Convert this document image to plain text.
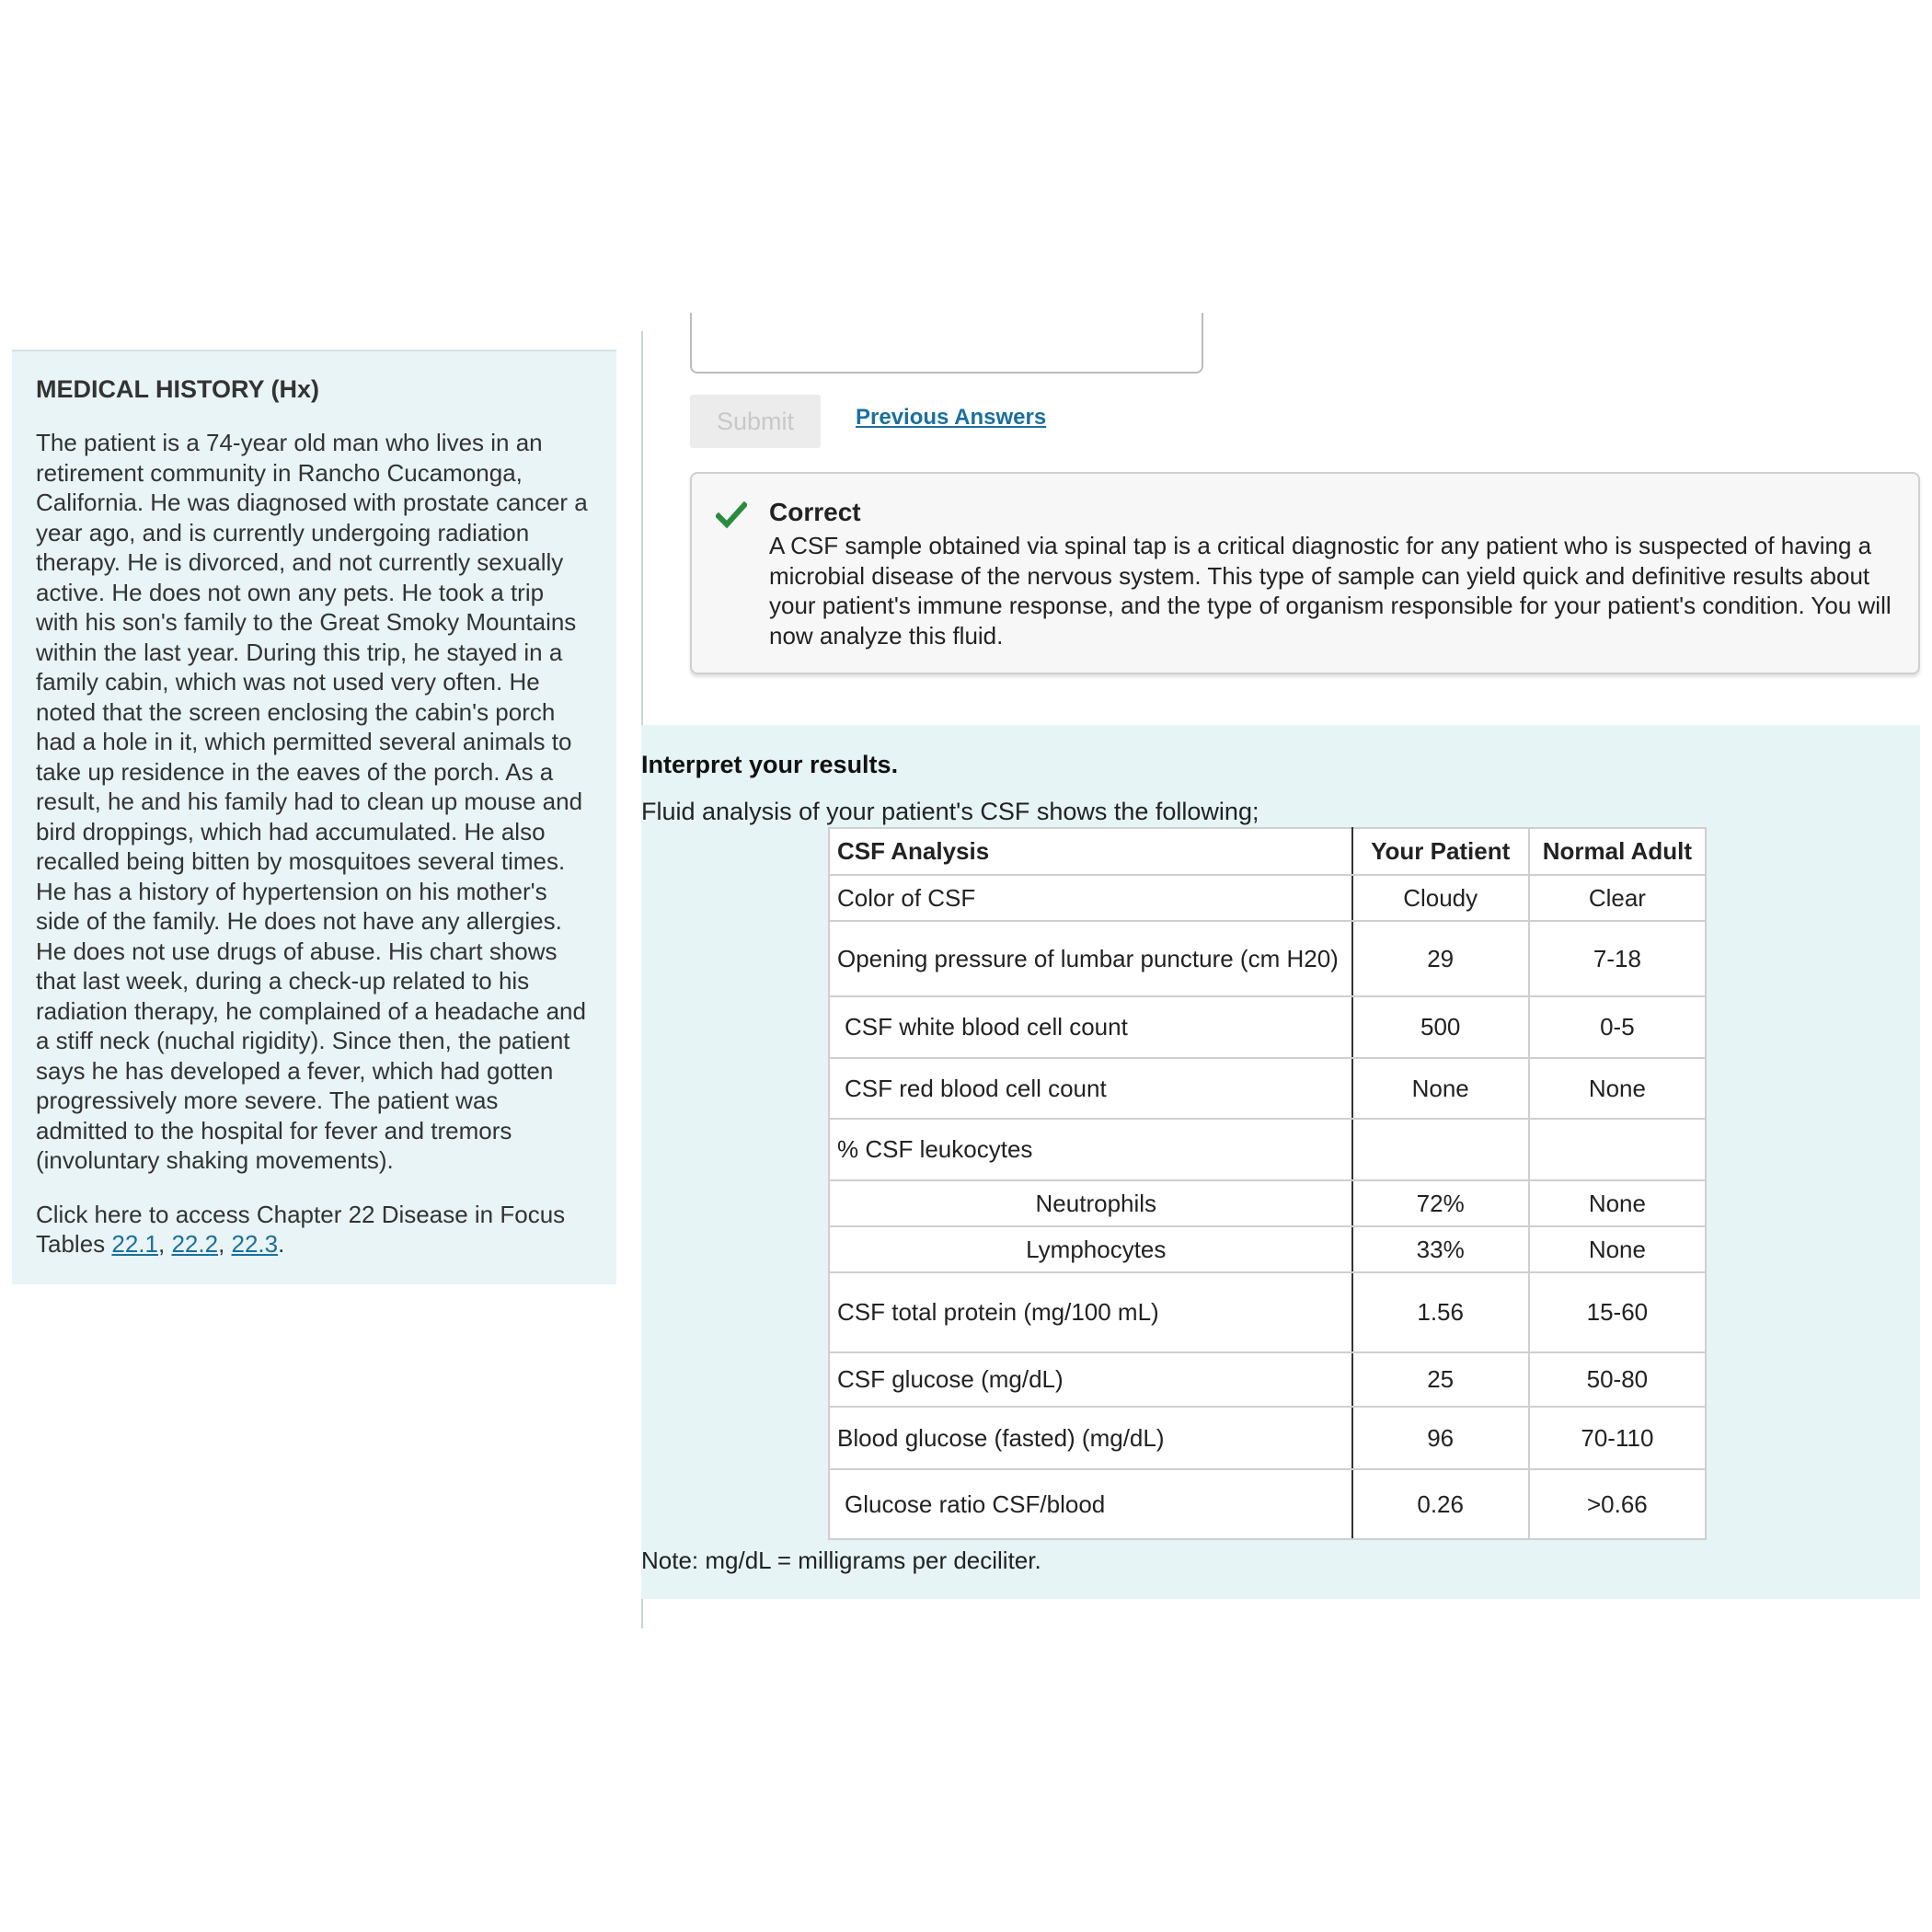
MEDICAL HISTORY (Hx)

The patient is a 74-year old man who lives in an retirement community in Rancho Cucamonga, California. He was diagnosed with prostate cancer a year ago, and is currently undergoing radiation therapy. He is divorced, and not currently sexually active. He does not own any pets. He took a trip with his son's family to the Great Smoky Mountains within the last year. During this trip, he stayed in a family cabin, which was not used very often. He noted that the screen enclosing the cabin's porch had a hole in it, which permitted several animals to take up residence in the eaves of the porch. As a result, he and his family had to clean up mouse and bird droppings, which had accumulated. He also recalled being bitten by mosquitoes several times. He has a history of hypertension on his mother's side of the family. He does not have any allergies. He does not use drugs of abuse. His chart shows that last week, during a check-up related to his radiation therapy, he complained of a headache and a stiff neck (nuchal rigidity). Since then, the patient says he has developed a fever, which had gotten progressively more severe. The patient was admitted to the hospital for fever and tremors (involuntary shaking movements).

Click here to access Chapter 22 Disease in Focus Tables 22.1, 22.2, 22.3.

Submit	Previous Answers
Correct

A CSF sample obtained via spinal tap is a critical diagnostic for any patient who is suspected of having a microbial disease of the nervous system. This type of sample can yield quick and definitive results about your patient's immune response, and the type of organism responsible for your patient's condition. You will now analyze this fluid.

Interpret your results.
Fluid analysis of your patient's CSF shows the following;
CSF Analysis	Your Patient	Normal Adult
Color of CSF	Cloudy	Clear
Opening pressure of lumbar puncture (cm H20)	29	7-18
CSF white blood cell count	500	0-5
CSF red blood cell count	None	None
% CSF leukocytes		
Neutrophils	72%	None
Lymphocytes	33%	None
CSF total protein (mg/100 mL)	1.56	15-60
CSF glucose (mg/dL)	25	50-80
Blood glucose (fasted) (mg/dL)	96	70-110
Glucose ratio CSF/blood	0.26	>0.66
Note: mg/dL = milligrams per deciliter.
